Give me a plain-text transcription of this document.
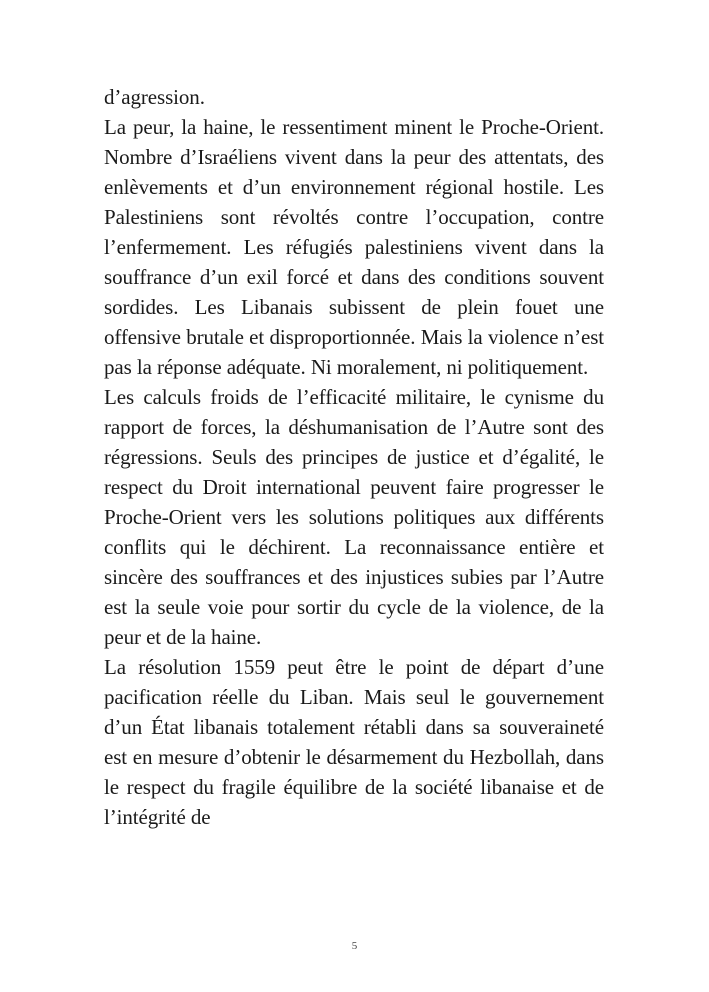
d’agression.

La peur, la haine, le ressentiment minent le Proche-Orient. Nombre d’Israéliens vivent dans la peur des attentats, des enlèvements et d’un environnement régional hostile. Les Palestiniens sont révoltés contre l’occupation, contre l’enfermement. Les réfugiés palestiniens vivent dans la souffrance d’un exil forcé et dans des conditions souvent sordides. Les Libanais subissent de plein fouet une offensive brutale et disproportionnée. Mais la violence n’est pas la réponse adéquate. Ni moralement, ni politiquement.

Les calculs froids de l’efficacité militaire, le cynisme du rapport de forces, la déshumanisation de l’Autre sont des régressions. Seuls des principes de justice et d’égalité, le respect du Droit international peuvent faire progresser le Proche-Orient vers les solutions politiques aux différents conflits qui le déchirent. La reconnaissance entière et sincère des souffrances et des injustices subies par l’Autre est la seule voie pour sortir du cycle de la violence, de la peur et de la haine.

La résolution 1559 peut être le point de départ d’une pacification réelle du Liban. Mais seul le gouvernement d’un État libanais totalement rétabli dans sa souveraineté est en mesure d’obtenir le désarmement du Hezbollah, dans le respect du fragile équilibre de la société libanaise et de l’intégrité de

5
